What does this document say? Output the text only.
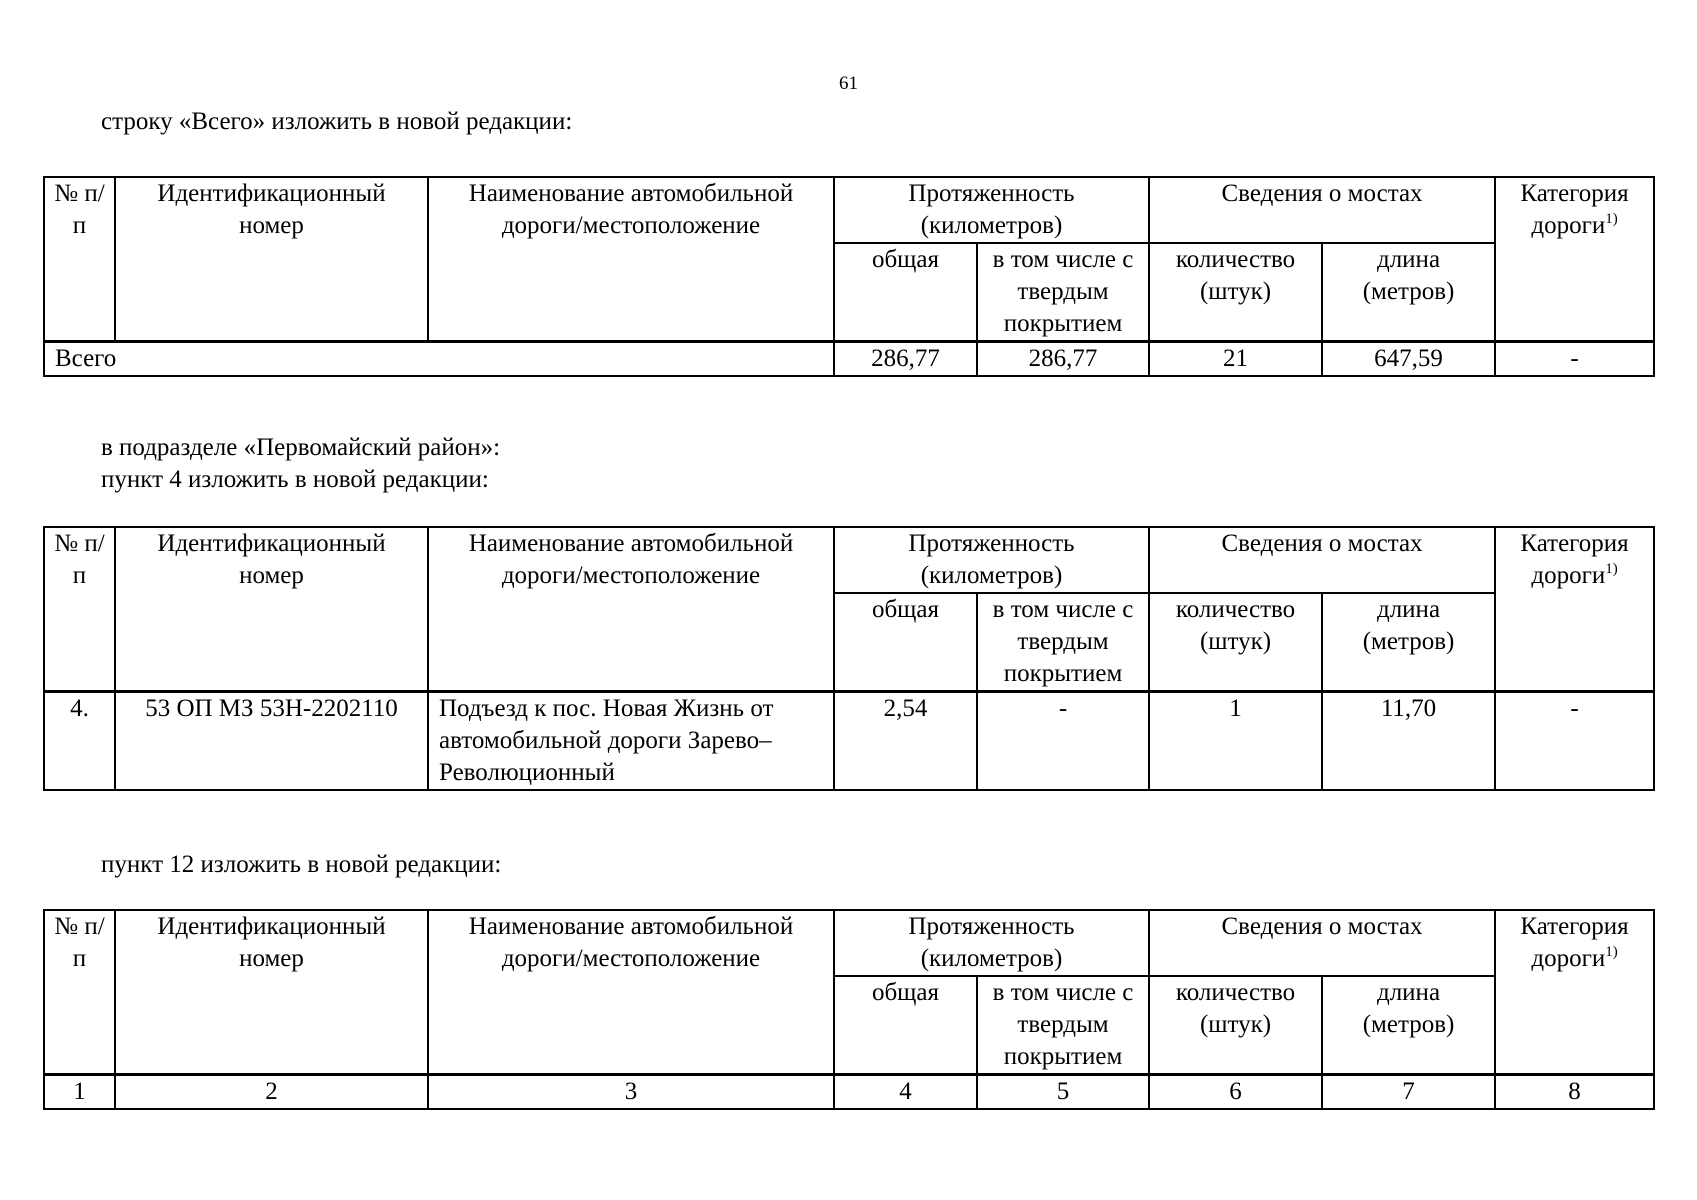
61

строку «Всего» изложить в новой редакции:

№ п/п	Идентификационный номер	Наименование автомобильной дороги/местоположение	Протяженность (километров)		Сведения о мостах		Категория дороги$^{1)}$
			общая	в том числе с твердым покрытием	количество (штук)	длина (метров)	
Всего			286,77	286,77	21	647,59	-

в подразделе «Первомайский район»:

пункт 4 изложить в новой редакции:

№ п/п	Идентификационный номер	Наименование автомобильной дороги/местоположение	Протяженность (километров)		Сведения о мостах		Категория дороги$^{1)}$
			общая	в том числе с твердым покрытием	количество (штук)	длина (метров)	
4.	53 ОП МЗ 53Н-2202110	Подъезд к пос. Новая Жизнь от автомобильной дороги Зарево–Революционный	2,54	-	1	11,70	-

пункт 12 изложить в новой редакции:

№ п/п	Идентификационный номер	Наименование автомобильной дороги/местоположение	Протяженность (километров)		Сведения о мостах		Категория дороги$^{1)}$
			общая	в том числе с твердым покрытием	количество (штук)	длина (метров)	
1	2	3	4	5	6	7	8
